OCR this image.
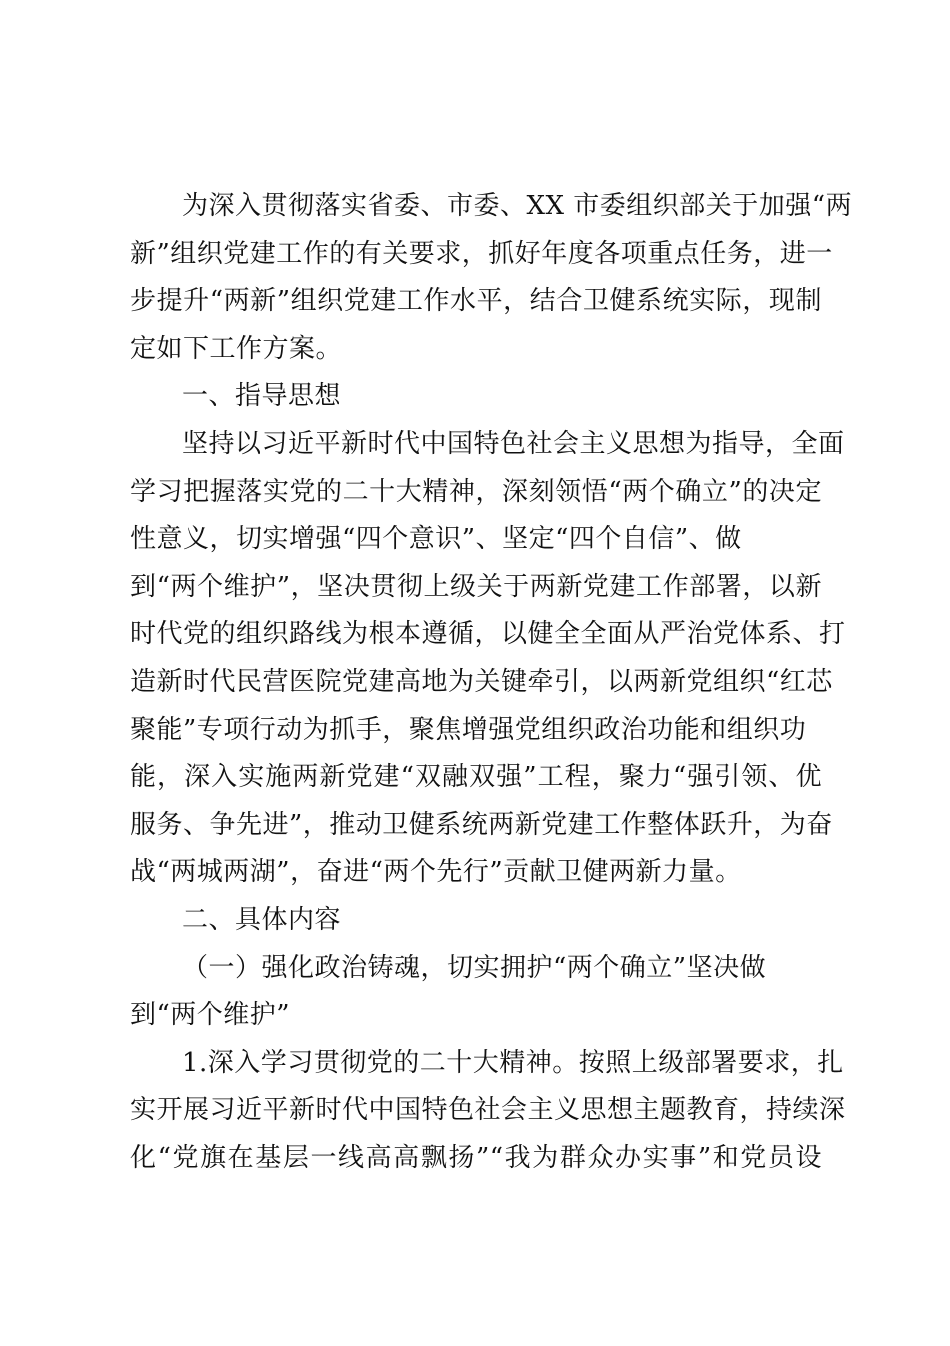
为深入贯彻落实省委、市委、XX 市委组织部关于加强“两
新”组织党建工作的有关要求，抓好年度各项重点任务，进一
步提升“两新”组织党建工作水平，结合卫健系统实际，现制
定如下工作方案。
一、指导思想
坚持以习近平新时代中国特色社会主义思想为指导，全面
学习把握落实党的二十大精神，深刻领悟“两个确立”的决定
性意义，切实增强“四个意识”、坚定“四个自信”、做
到“两个维护”，坚决贯彻上级关于两新党建工作部署，以新
时代党的组织路线为根本遵循，以健全全面从严治党体系、打
造新时代民营医院党建高地为关键牵引，以两新党组织“红芯
聚能”专项行动为抓手，聚焦增强党组织政治功能和组织功
能，深入实施两新党建“双融双强”工程，聚力“强引领、优
服务、争先进”，推动卫健系统两新党建工作整体跃升，为奋
战“两城两湖”，奋进“两个先行”贡献卫健两新力量。
二、具体内容
（一）强化政治铸魂，切实拥护“两个确立”坚决做
到“两个维护”
1.深入学习贯彻党的二十大精神。按照上级部署要求，扎
实开展习近平新时代中国特色社会主义思想主题教育，持续深
化“党旗在基层一线高高飘扬”“我为群众办实事”和党员设
